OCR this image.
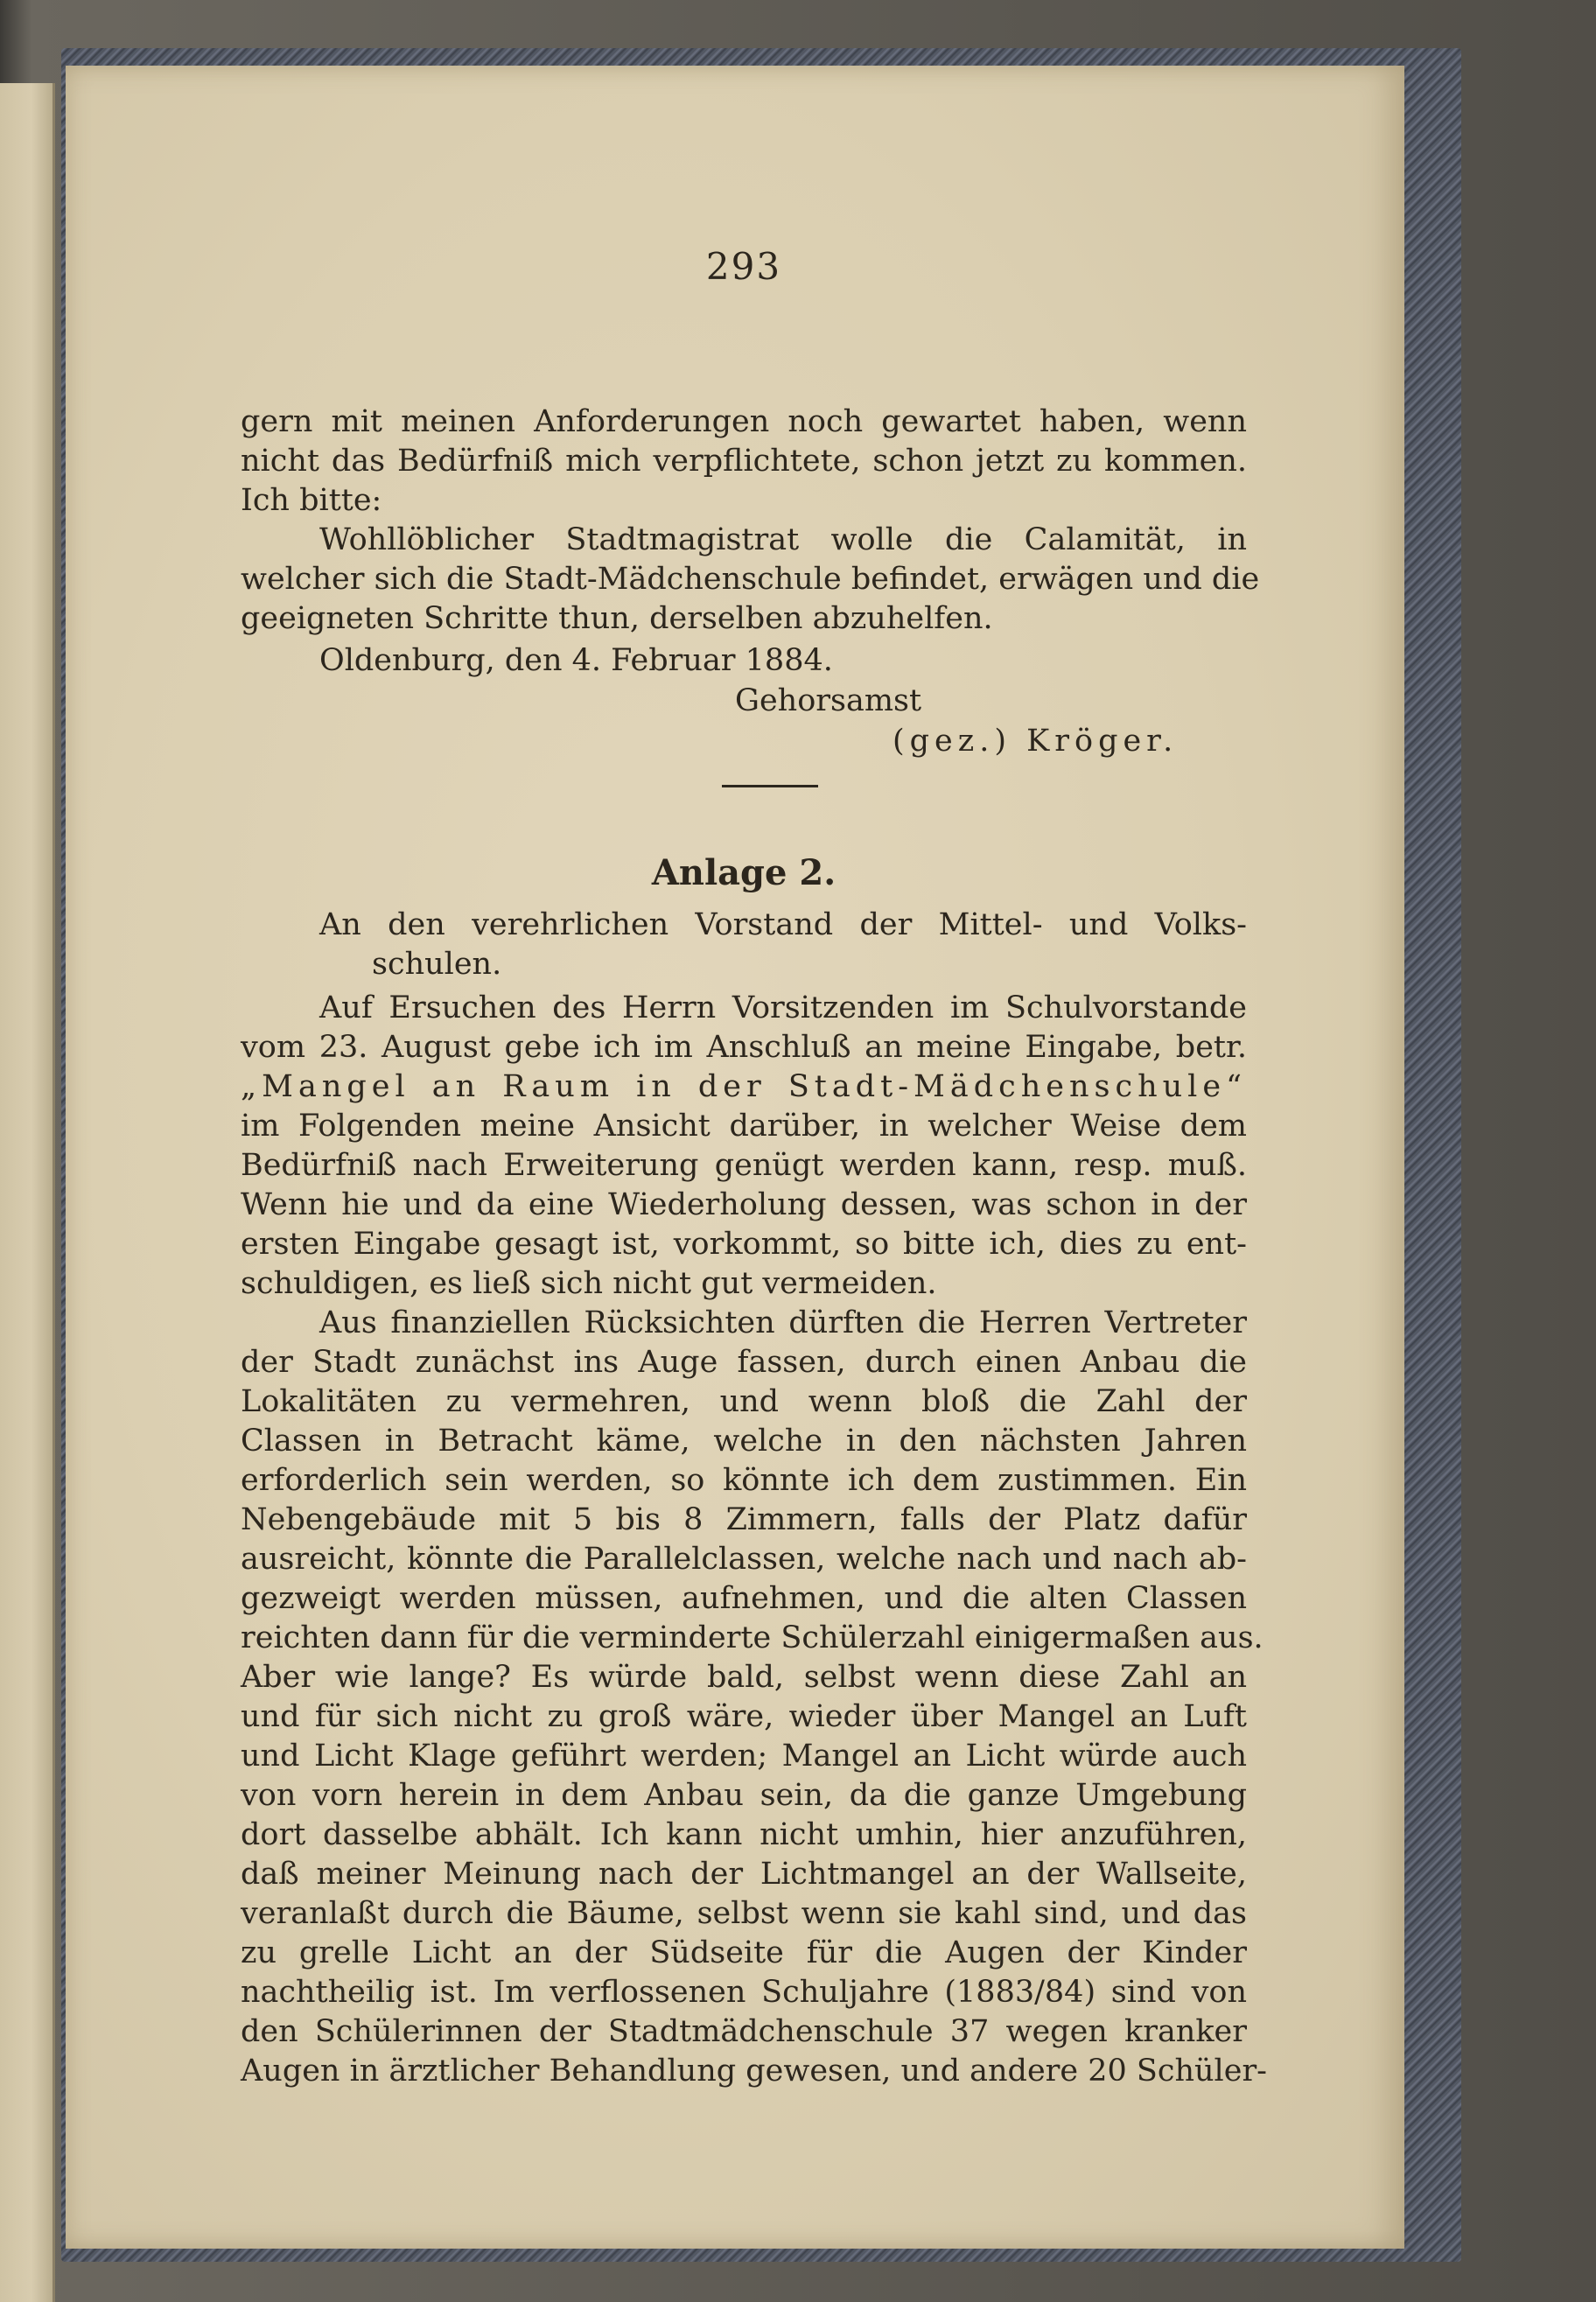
293
gern mit meinen Anforderungen noch gewartet haben, wenn
nicht das Bedürfniß mich verpflichtete, schon jetzt zu kommen.
Ich bitte:
Wohllöblicher Stadtmagistrat wolle die Calamität, in
welcher sich die Stadt-Mädchenschule befindet, erwägen und die
geeigneten Schritte thun, derselben abzuhelfen.
Oldenburg, den 4. Februar 1884.
Gehorsamst
(gez.) Kröger.
Anlage 2.
An den verehrlichen Vorstand der Mittel- und Volks-
schulen.
Auf Ersuchen des Herrn Vorsitzenden im Schulvorstande
vom 23. August gebe ich im Anschluß an meine Eingabe, betr.
„Mangel an Raum in der Stadt-Mädchenschule“
im Folgenden meine Ansicht darüber, in welcher Weise dem
Bedürfniß nach Erweiterung genügt werden kann, resp. muß.
Wenn hie und da eine Wiederholung dessen, was schon in der
ersten Eingabe gesagt ist, vorkommt, so bitte ich, dies zu ent-
schuldigen, es ließ sich nicht gut vermeiden.
Aus finanziellen Rücksichten dürften die Herren Vertreter
der Stadt zunächst ins Auge fassen, durch einen Anbau die
Lokalitäten zu vermehren, und wenn bloß die Zahl der
Classen in Betracht käme, welche in den nächsten Jahren
erforderlich sein werden, so könnte ich dem zustimmen. Ein
Nebengebäude mit 5 bis 8 Zimmern, falls der Platz dafür
ausreicht, könnte die Parallelclassen, welche nach und nach ab-
gezweigt werden müssen, aufnehmen, und die alten Classen
reichten dann für die verminderte Schülerzahl einigermaßen aus.
Aber wie lange? Es würde bald, selbst wenn diese Zahl an
und für sich nicht zu groß wäre, wieder über Mangel an Luft
und Licht Klage geführt werden; Mangel an Licht würde auch
von vorn herein in dem Anbau sein, da die ganze Umgebung
dort dasselbe abhält. Ich kann nicht umhin, hier anzuführen,
daß meiner Meinung nach der Lichtmangel an der Wallseite,
veranlaßt durch die Bäume, selbst wenn sie kahl sind, und das
zu grelle Licht an der Südseite für die Augen der Kinder
nachtheilig ist. Im verflossenen Schuljahre (1883/84) sind von
den Schülerinnen der Stadtmädchenschule 37 wegen kranker
Augen in ärztlicher Behandlung gewesen, und andere 20 Schüler-
